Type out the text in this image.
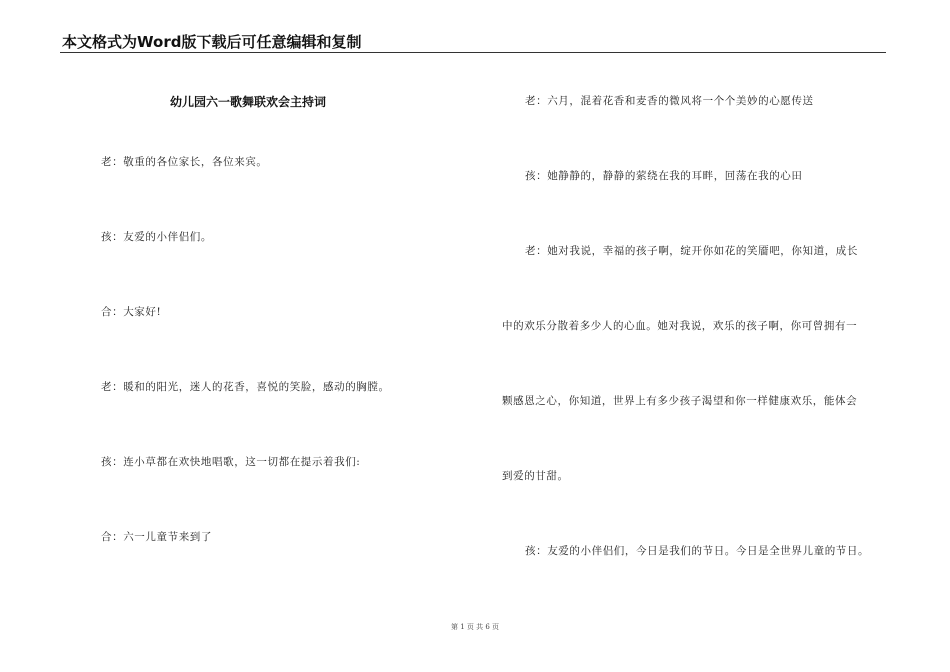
本文格式为Word版下载后可任意编辑和复制
幼儿园六一歌舞联欢会主持词
老：敬重的各位家长，各位来宾。
孩：友爱的小伴侣们。
合：大家好!
老：暖和的阳光，迷人的花香，喜悦的笑脸，感动的胸膛。
孩：连小草都在欢快地唱歌，这一切都在提示着我们:
合：六一儿童节来到了
老：六月，混着花香和麦香的微风将一个个美妙的心愿传送
孩：她静静的，静静的萦绕在我的耳畔，回荡在我的心田
老：她对我说，幸福的孩子啊，绽开你如花的笑靥吧，你知道，成长
中的欢乐分散着多少人的心血。她对我说，欢乐的孩子啊，你可曾拥有一
颗感恩之心，你知道，世界上有多少孩子渴望和你一样健康欢乐，能体会
到爱的甘甜。
孩：友爱的小伴侣们，今日是我们的节日。今日是全世界儿童的节日。
第 1 页 共 6 页
